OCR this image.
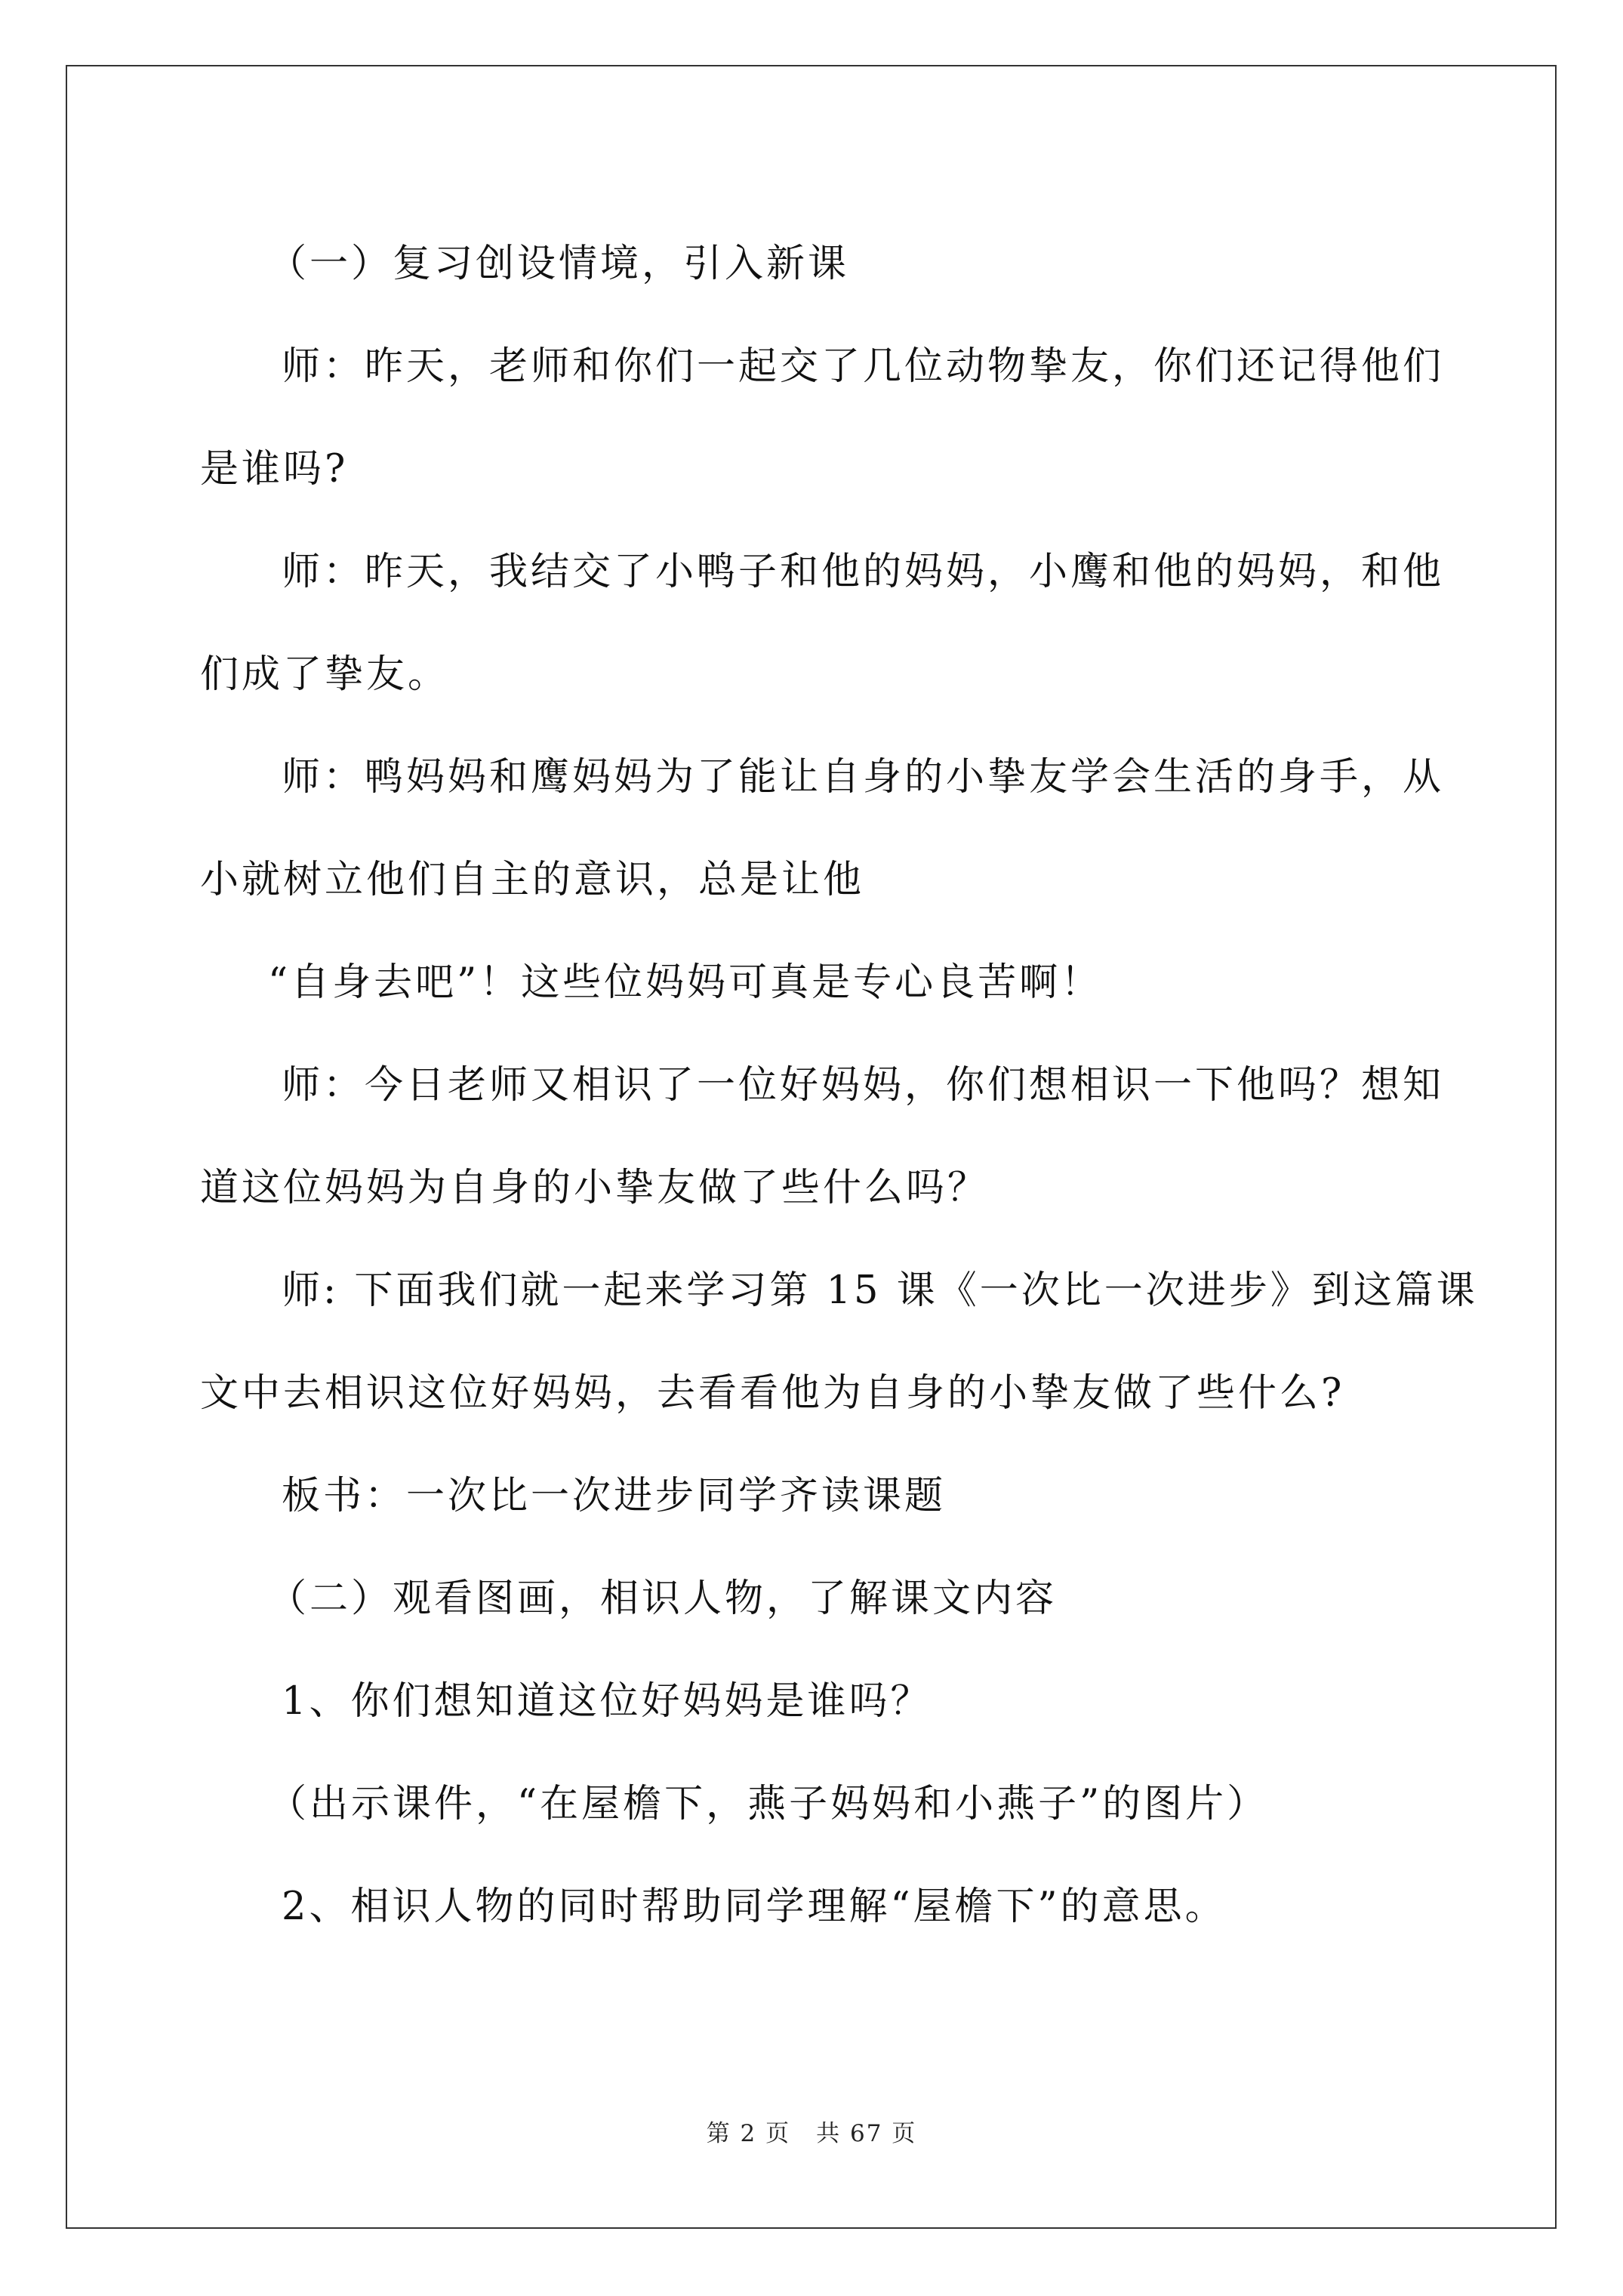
（一）复习创设情境，引入新课

师：昨天，老师和你们一起交了几位动物挚友，你们还记得他们

是谁吗?

师：昨天，我结交了小鸭子和他的妈妈，小鹰和他的妈妈，和他

们成了挚友。

师：鸭妈妈和鹰妈妈为了能让自身的小挚友学会生活的身手，从

小就树立他们自主的意识，总是让他

“自身去吧”！这些位妈妈可真是专心良苦啊！

师：今日老师又相识了一位好妈妈，你们想相识一下他吗？想知

道这位妈妈为自身的小挚友做了些什么吗？

师: 下面我们就一起来学习第 15 课《一次比一次进步》到这篇课

文中去相识这位好妈妈，去看看他为自身的小挚友做了些什么?

板书：一次比一次进步同学齐读课题

（二）观看图画，相识人物，了解课文内容

1、你们想知道这位好妈妈是谁吗？

（出示课件，“在屋檐下，燕子妈妈和小燕子”的图片）

2、相识人物的同时帮助同学理解“屋檐下”的意思。

第 2 页 共 67 页
